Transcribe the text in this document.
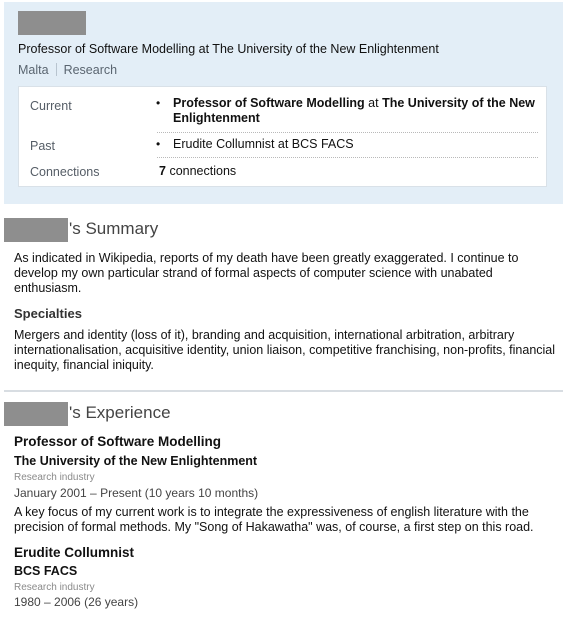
Professor of Software Modelling at The University of the New Enlightenment
Malta Research
Current	•	Professor of Software Modelling at The University of the New Enlightenment
Past	•	Erudite Collumnist at BCS FACS
Connections	7 connections
's Summary
As indicated in Wikipedia, reports of my death have been greatly exaggerated. I continue to develop my own particular strand of formal aspects of computer science with unabated enthusiasm.
Specialties
Mergers and identity (loss of it), branding and acquisition, international arbitration, arbitrary internationalisation, acquisitive identity, union liaison, competitive franchising, non-profits, financial inequity, financial iniquity.
's Experience
Professor of Software Modelling
The University of the New Enlightenment
Research industry
January 2001 – Present (10 years 10 months)
A key focus of my current work is to integrate the expressiveness of english literature with the precision of formal methods. My "Song of Hakawatha" was, of course, a first step on this road.
Erudite Collumnist
BCS FACS
Research industry
1980 – 2006 (26 years)
